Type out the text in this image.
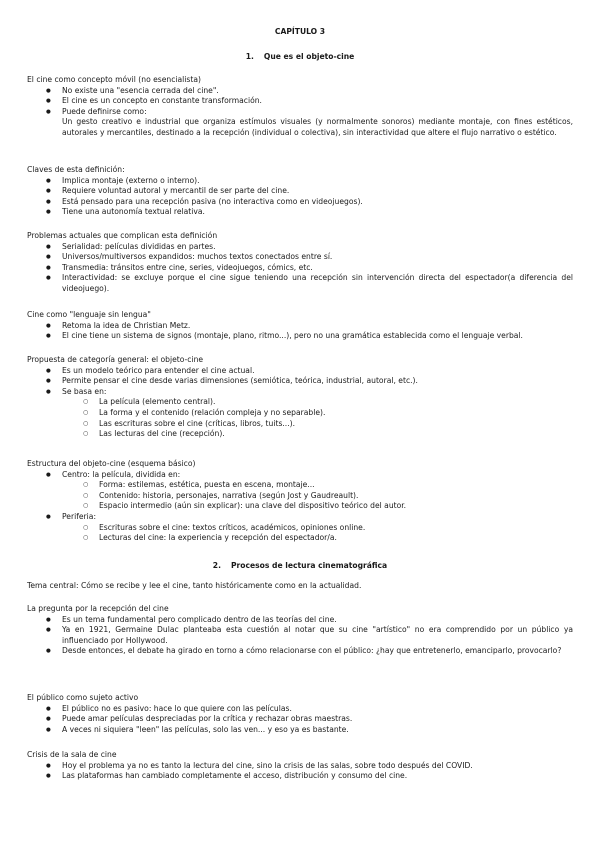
CAPÍTULO 3
1. Que es el objeto-cine

El cine como concepto móvil (no esencialista)

● No existe una "esencia cerrada del cine".
● El cine es un concepto en constante transformación.
● Puede definirse como:

Un gesto creativo e industrial que organiza estímulos visuales (y normalmente sonoros) mediante montaje, con fines estéticos, autorales y mercantiles, destinado a la recepción (individual o colectiva), sin interactividad que altere el flujo narrativo o estético.

Claves de esta definición:

● Implica montaje (externo o interno).
● Requiere voluntad autoral y mercantil de ser parte del cine.
● Está pensado para una recepción pasiva (no interactiva como en videojuegos).
● Tiene una autonomía textual relativa.

Problemas actuales que complican esta definición

● Serialidad: películas divididas en partes.
● Universos/multiversos expandidos: muchos textos conectados entre sí.
● Transmedia: tránsitos entre cine, series, videojuegos, cómics, etc.
● Interactividad: se excluye porque el cine sigue teniendo una recepción sin intervención directa del espectador(a diferencia del videojuego).

Cine como "lenguaje sin lengua"

● Retoma la idea de Christian Metz.
● El cine tiene un sistema de signos (montaje, plano, ritmo...), pero no una gramática establecida como el lenguaje verbal.

Propuesta de categoría general: el objeto-cine

● Es un modelo teórico para entender el cine actual.
● Permite pensar el cine desde varias dimensiones (semiótica, teórica, industrial, autoral, etc.).
● Se basa en:
○ La película (elemento central).
○ La forma y el contenido (relación compleja y no separable).
○ Las escrituras sobre el cine (críticas, libros, tuits...).
○ Las lecturas del cine (recepción).

Estructura del objeto-cine (esquema básico)

● Centro: la película, dividida en:
○ Forma: estilemas, estética, puesta en escena, montaje...
○ Contenido: historia, personajes, narrativa (según Jost y Gaudreault).
○ Espacio intermedio (aún sin explicar): una clave del dispositivo teórico del autor.
● Periferia:
○ Escrituras sobre el cine: textos críticos, académicos, opiniones online.
○ Lecturas del cine: la experiencia y recepción del espectador/a.
2. Procesos de lectura cinematográfica
Tema central: Cómo se recibe y lee el cine, tanto históricamente como en la actualidad.

La pregunta por la recepción del cine

● Es un tema fundamental pero complicado dentro de las teorías del cine.
● Ya en 1921, Germaine Dulac planteaba esta cuestión al notar que su cine "artístico" no era comprendido por un público ya influenciado por Hollywood.
● Desde entonces, el debate ha girado en torno a cómo relacionarse con el público: ¿hay que entretenerlo, emanciparlo, provocarlo?

El público como sujeto activo

● El público no es pasivo: hace lo que quiere con las películas.
● Puede amar películas despreciadas por la crítica y rechazar obras maestras.
● A veces ni siquiera "leen" las películas, solo las ven... y eso ya es bastante.

Crisis de la sala de cine

● Hoy el problema ya no es tanto la lectura del cine, sino la crisis de las salas, sobre todo después del COVID.
● Las plataformas han cambiado completamente el acceso, distribución y consumo del cine.
